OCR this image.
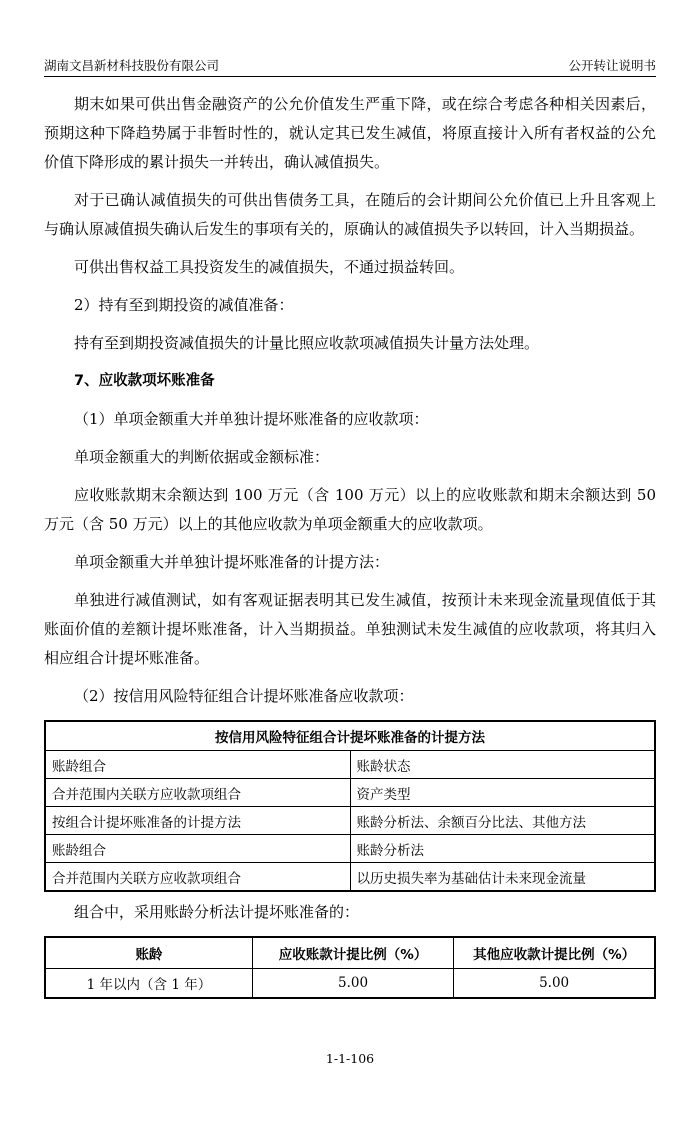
湖南文昌新材科技股份有限公司	公开转让说明书

期末如果可供出售金融资产的公允价值发生严重下降，或在综合考虑各种相关因素后，预期这种下降趋势属于非暂时性的，就认定其已发生减值，将原直接计入所有者权益的公允价值下降形成的累计损失一并转出，确认减值损失。

对于已确认减值损失的可供出售债务工具，在随后的会计期间公允价值已上升且客观上与确认原减值损失确认后发生的事项有关的，原确认的减值损失予以转回，计入当期损益。

可供出售权益工具投资发生的减值损失，不通过损益转回。

2）持有至到期投资的减值准备：

持有至到期投资减值损失的计量比照应收款项减值损失计量方法处理。

7、应收款项坏账准备

（1）单项金额重大并单独计提坏账准备的应收款项：

单项金额重大的判断依据或金额标准：

应收账款期末余额达到 100 万元（含 100 万元）以上的应收账款和期末余额达到 50 万元（含 50 万元）以上的其他应收款为单项金额重大的应收款项。

单项金额重大并单独计提坏账准备的计提方法：

单独进行减值测试，如有客观证据表明其已发生减值，按预计未来现金流量现值低于其账面价值的差额计提坏账准备，计入当期损益。单独测试未发生减值的应收款项，将其归入相应组合计提坏账准备。

（2）按信用风险特征组合计提坏账准备应收款项：

按信用风险特征组合计提坏账准备的计提方法	
账龄组合	账龄状态
合并范围内关联方应收款项组合	资产类型
按组合计提坏账准备的计提方法	账龄分析法、余额百分比法、其他方法
账龄组合	账龄分析法
合并范围内关联方应收款项组合	以历史损失率为基础估计未来现金流量

组合中，采用账龄分析法计提坏账准备的：

账龄	应收账款计提比例（%）	其他应收款计提比例（%）
1 年以内（含 1 年）	5.00	5.00
1-1-106
